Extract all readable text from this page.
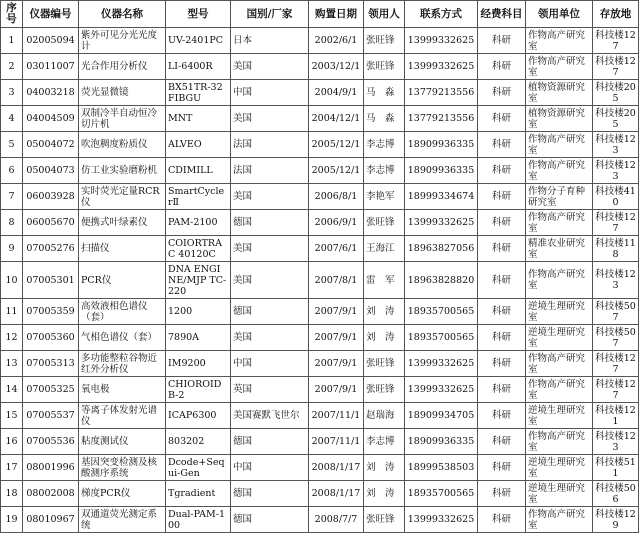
序号	仪器编号	仪器名称	型号	国别/厂家	购置日期	领用人	联系方式	经费科目	领用单位	存放地
1	02005094	紫外可见分光光度计	UV-2401PC	日本	2002/6/1	张旺锋	13999332625	科研	作物高产研究室	科技楼127
2	03011007	光合作用分析仪	LI-6400R	美国	2003/12/1	张旺锋	13999332625	科研	作物高产研究室	科技楼127
3	04003218	荧光显微镜	BX51TR-32FIBGU	中国	2004/9/1	马　淼	13779213556	科研	植物资源研究室	科技楼205
4	04004509	双制冷半自动恒冷切片机	MNT	美国	2004/12/1	马　淼	13779213556	科研	植物资源研究室	科技楼205
5	05004072	吹泡稠度粉质仪	ALVEO	法国	2005/12/1	李志博	18909936335	科研	作物高产研究室	科技楼123
6	05004073	仿工业实验磨粉机	CDIMILL	法国	2005/12/1	李志博	18909936335	科研	作物高产研究室	科技楼123
7	06003928	实时荧光定量RCR仪	SmartCyclerⅡ	美国	2006/8/1	李艳军	18999334674	科研	作物分子育种研究室	科技楼410
8	06005670	便携式叶绿素仪	PAM-2100	德国	2006/9/1	张旺锋	13999332625	科研	作物高产研究室	科技楼127
9	07005276	扫描仪	COIORTRAC 40120C	美国	2007/6/1	王海江	18963827056	科研	精准农业研究室	科技楼118
10	07005301	PCR仪	DNA ENGINE/MJP TC-220	美国	2007/8/1	雷　军	18963828820	科研	作物高产研究室	科技楼123
11	07005359	高效液相色谱仪（套）	1200	德国	2007/9/1	刘　涛	18935700565	科研	逆境生理研究室	科技楼507
12	07005360	气相色谱仪（套）	7890A	美国	2007/9/1	刘　涛	18935700565	科研	逆境生理研究室	科技楼507
13	07005313	多功能整粒谷物近红外分析仪	IM9200	中国	2007/9/1	张旺锋	13999332625	科研	作物高产研究室	科技楼127
14	07005325	氧电极	CHIOROIDB-2	英国	2007/9/1	张旺锋	13999332625	科研	作物高产研究室	科技楼127
15	07005537	等离子体发射光谱仪	ICAP6300	美国赛默飞世尔	2007/11/1	赵瑞海	18909934705	科研	逆境生理研究室	科技楼121
16	07005536	粘度测试仪	803202	德国	2007/11/1	李志博	18909936335	科研	作物高产研究室	科技楼123
17	08001996	基因突变检测及核酸测序系统	Dcode+Sequi-Gen	中国	2008/1/17	刘　涛	18999538503	科研	逆境生理研究室	科技楼511
18	08002008	梯度PCR仪	Tgradient	德国	2008/1/17	刘　涛	18935700565	科研	逆境生理研究室	科技楼506
19	08010967	双通道荧光测定系统	Dual-PAM-100	德国	2008/7/7	张旺锋	13999332625	科研	作物高产研究室	科技楼129
